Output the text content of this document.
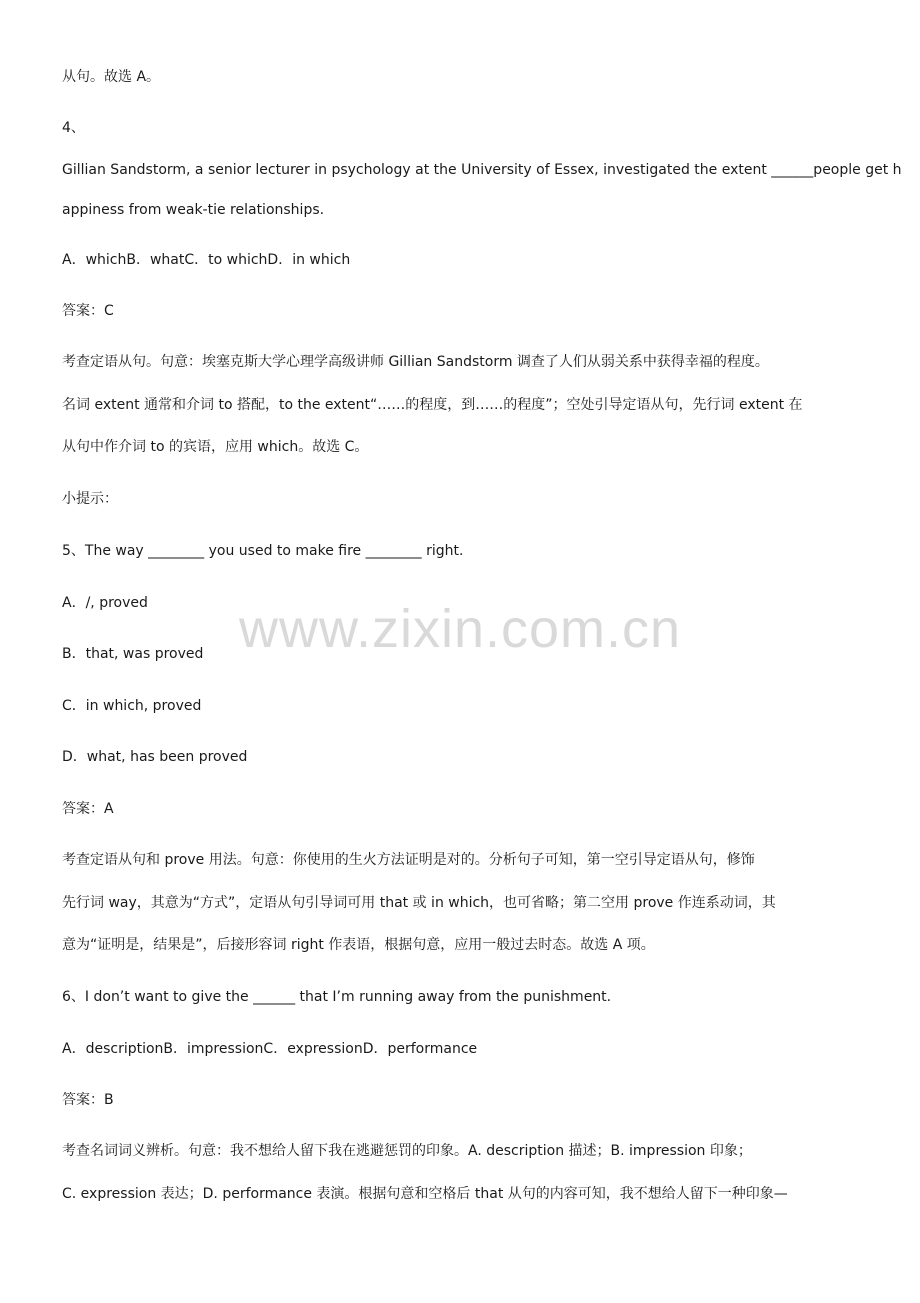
从句。故选 A。

4、

Gillian Sandstorm, a senior lecturer in psychology at the University of Essex, investigated the extent ______people get h

appiness from weak-tie relationships.

A．whichB．whatC．to whichD．in which

答案：C

考查定语从句。句意：埃塞克斯大学心理学高级讲师 Gillian Sandstorm 调查了人们从弱关系中获得幸福的程度。

名词 extent 通常和介词 to 搭配，to the extent“……的程度，到……的程度”；空处引导定语从句，先行词 extent 在

从句中作介词 to 的宾语，应用 which。故选 C。

小提示：

5、The way ________ you used to make fire ________ right.

A．/, proved

B．that, was proved

C．in which, proved

D．what, has been proved

答案：A

考查定语从句和 prove 用法。句意：你使用的生火方法证明是对的。分析句子可知，第一空引导定语从句，修饰

先行词 way，其意为“方式”，定语从句引导词可用 that 或 in which，也可省略；第二空用 prove 作连系动词，其

意为“证明是，结果是”，后接形容词 right 作表语，根据句意，应用一般过去时态。故选 A 项。

6、I don’t want to give the ______ that I’m running away from the punishment.

A．descriptionB．impressionC．expressionD．performance

答案：B

考查名词词义辨析。句意：我不想给人留下我在逃避惩罚的印象。A. description 描述；B. impression 印象；

C. expression 表达；D. performance 表演。根据句意和空格后 that 从句的内容可知，我不想给人留下一种印象—

www.zixin.com.cn
